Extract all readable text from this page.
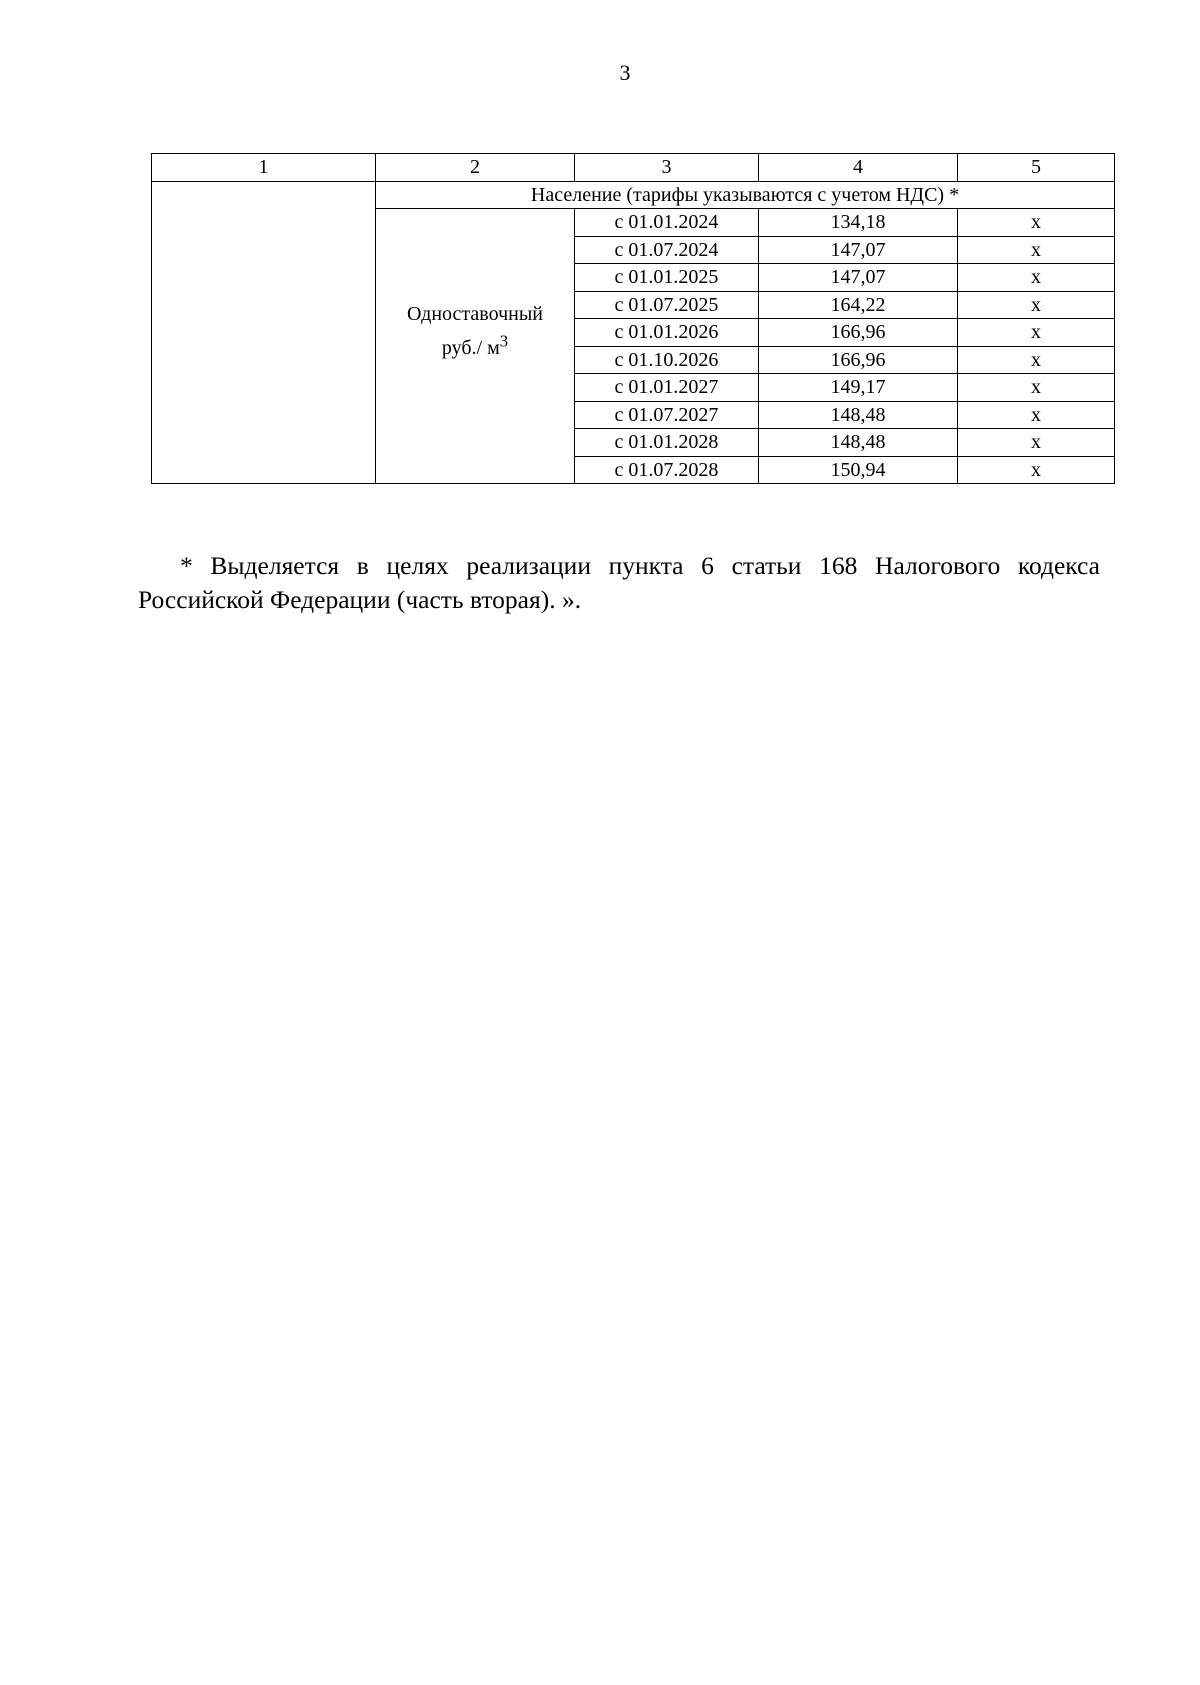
3
1	2	3	4	5
	Население (тарифы указываются с учетом НДС) *			
	Одноставочный
руб./ $м^3$	с 01.01.2024	134,18	x
		с 01.07.2024	147,07	x
		с 01.01.2025	147,07	x
		с 01.07.2025	164,22	x
		с 01.01.2026	166,96	x
		с 01.10.2026	166,96	x
		с 01.01.2027	149,17	x
		с 01.07.2027	148,48	x
		с 01.01.2028	148,48	x
		с 01.07.2028	150,94	x

* Выделяется в целях реализации пункта 6 статьи 168 Налогового кодекса Российской Федерации (часть вторая). ».
